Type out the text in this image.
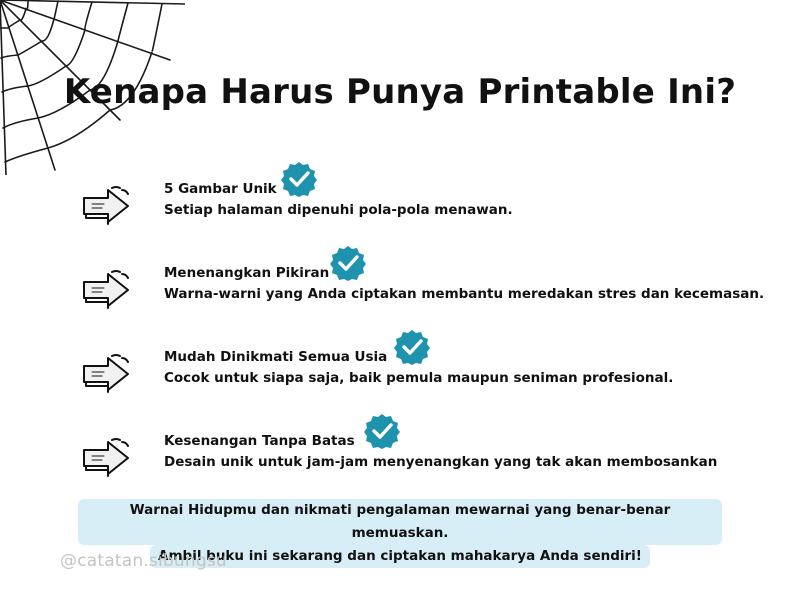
Kenapa Harus Punya Printable Ini?
5 Gambar Unik
Setiap halaman dipenuhi pola-pola menawan.
Menenangkan Pikiran
Warna-warni yang Anda ciptakan membantu meredakan stres dan kecemasan.
Mudah Dinikmati Semua Usia
Cocok untuk siapa saja, baik pemula maupun seniman profesional.
Kesenangan Tanpa Batas
Desain unik untuk jam-jam menyenangkan yang tak akan membosankan
Warnai Hidupmu dan nikmati pengalaman mewarnai yang benar-benar memuaskan.
Ambil buku ini sekarang dan ciptakan mahakarya Anda sendiri!
@catatan.sibungsu
